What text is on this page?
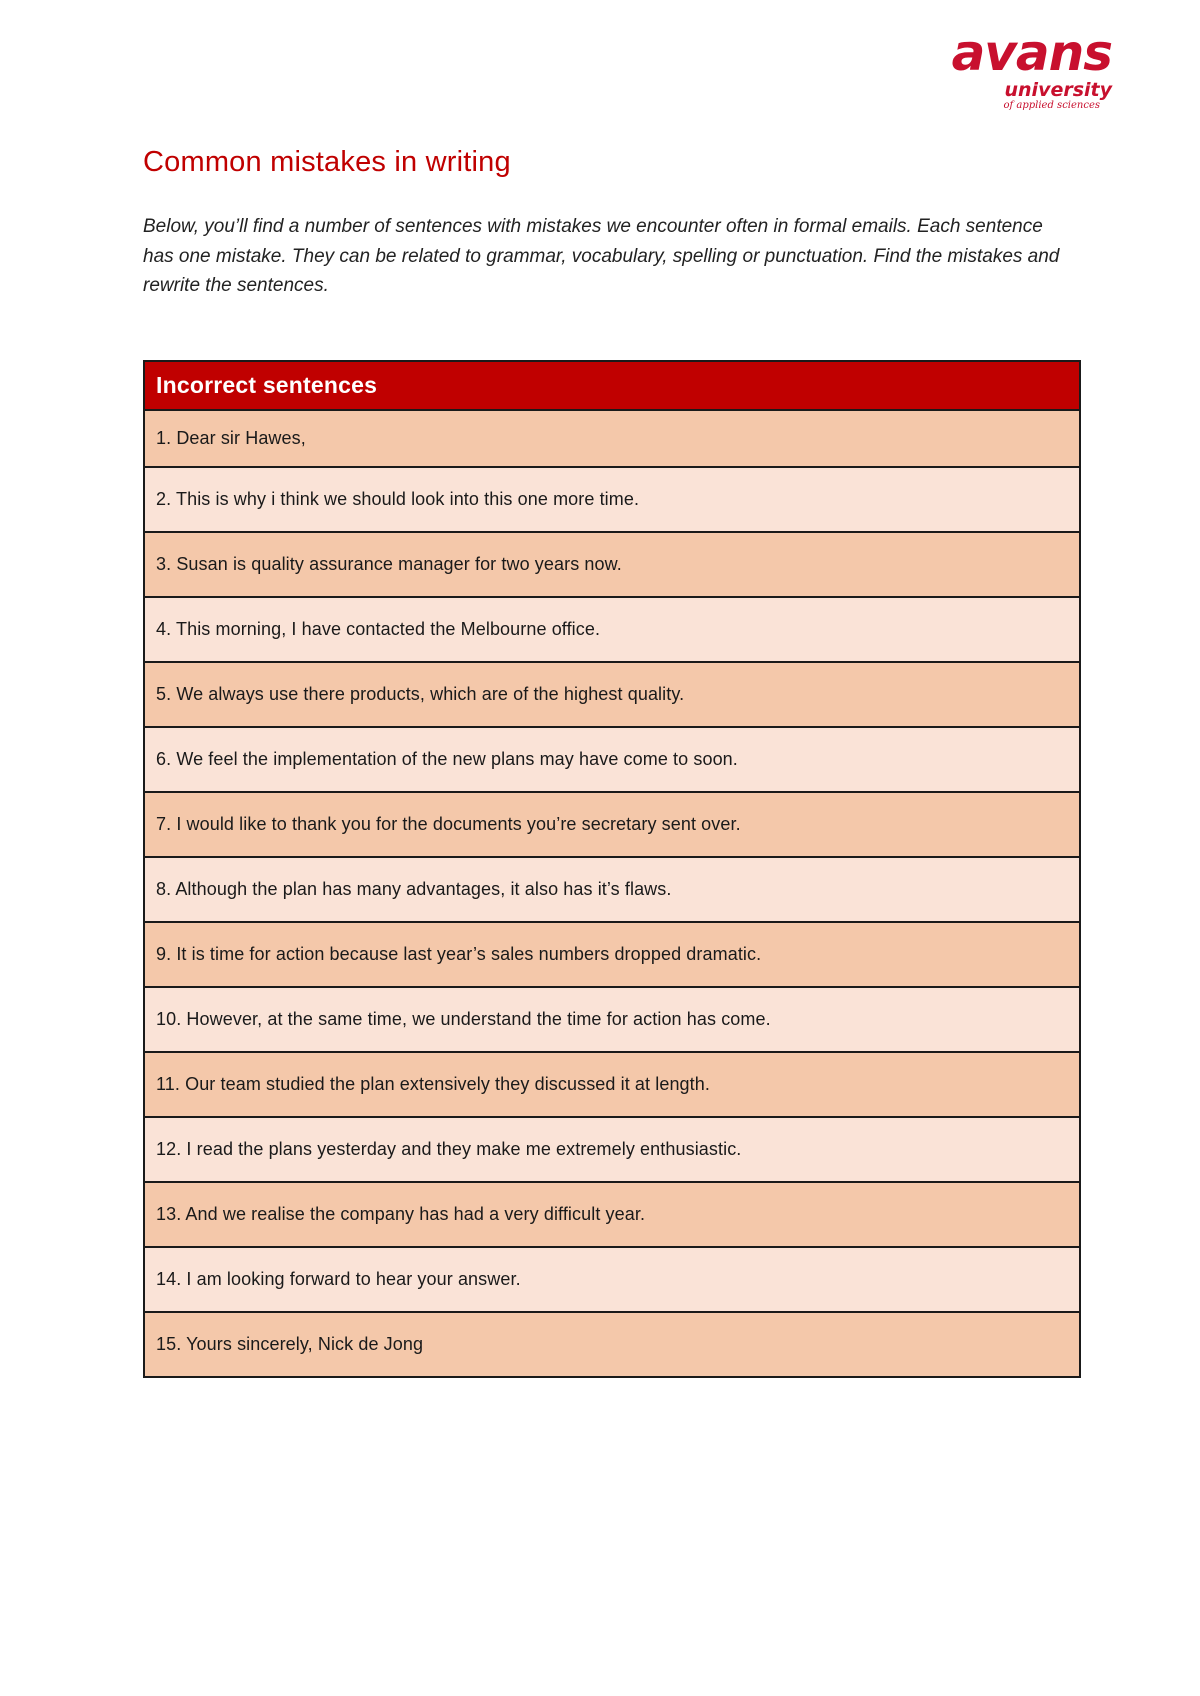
avans
university
of applied sciences
Common mistakes in writing

Below, you’ll find a number of sentences with mistakes we encounter often in formal emails. Each sentence has one mistake. They can be related to grammar, vocabulary, spelling or punctuation. Find the mistakes and rewrite the sentences.

Incorrect sentences
1. Dear sir Hawes,
2. This is why i think we should look into this one more time.
3. Susan is quality assurance manager for two years now.
4. This morning, I have contacted the Melbourne office.
5. We always use there products, which are of the highest quality.
6. We feel the implementation of the new plans may have come to soon.
7. I would like to thank you for the documents you’re secretary sent over.
8. Although the plan has many advantages, it also has it’s flaws.
9. It is time for action because last year’s sales numbers dropped dramatic.
10. However, at the same time, we understand the time for action has come.
11. Our team studied the plan extensively they discussed it at length.
12. I read the plans yesterday and they make me extremely enthusiastic.
13. And we realise the company has had a very difficult year.
14. I am looking forward to hear your answer.
15. Yours sincerely, Nick de Jong
